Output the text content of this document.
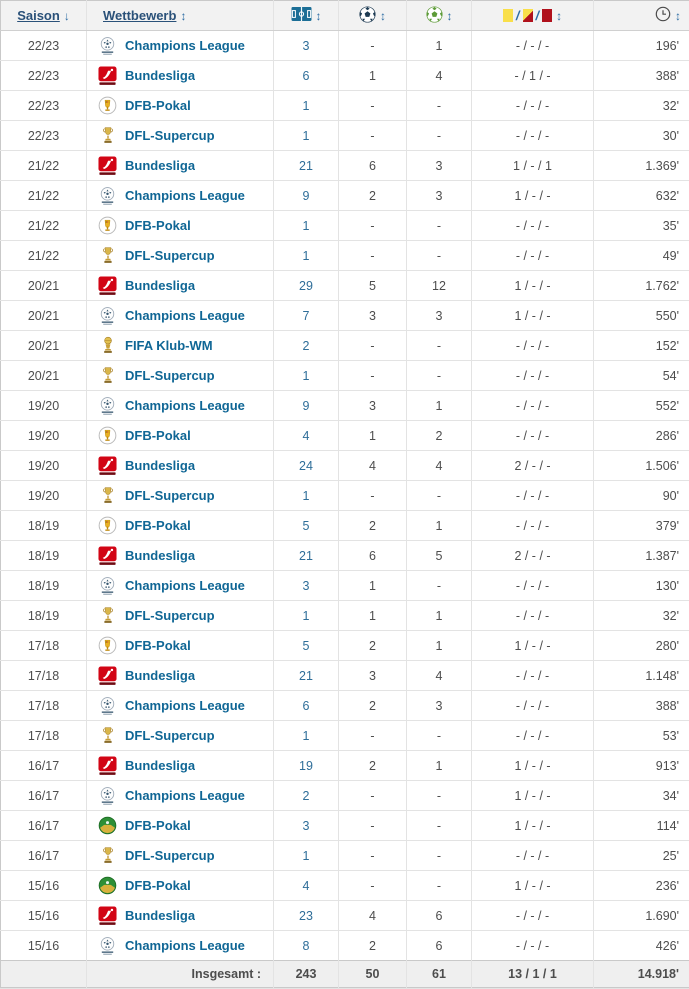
Saison ↓	Wettbewerb ↕	↕	↕	↕	/ / ↕	↕
22/23	Champions League	3	-	1	- / - / -	196'
22/23	Bundesliga	6	1	4	- / 1 / -	388'
22/23	DFB-Pokal	1	-	-	- / - / -	32'
22/23	DFL-Supercup	1	-	-	- / - / -	30'
21/22	Bundesliga	21	6	3	1 / - / 1	1.369'
21/22	Champions League	9	2	3	1 / - / -	632'
21/22	DFB-Pokal	1	-	-	- / - / -	35'
21/22	DFL-Supercup	1	-	-	- / - / -	49'
20/21	Bundesliga	29	5	12	1 / - / -	1.762'
20/21	Champions League	7	3	3	1 / - / -	550'
20/21	FIFA Klub-WM	2	-	-	- / - / -	152'
20/21	DFL-Supercup	1	-	-	- / - / -	54'
19/20	Champions League	9	3	1	- / - / -	552'
19/20	DFB-Pokal	4	1	2	- / - / -	286'
19/20	Bundesliga	24	4	4	2 / - / -	1.506'
19/20	DFL-Supercup	1	-	-	- / - / -	90'
18/19	DFB-Pokal	5	2	1	- / - / -	379'
18/19	Bundesliga	21	6	5	2 / - / -	1.387'
18/19	Champions League	3	1	-	- / - / -	130'
18/19	DFL-Supercup	1	1	1	- / - / -	32'
17/18	DFB-Pokal	5	2	1	1 / - / -	280'
17/18	Bundesliga	21	3	4	- / - / -	1.148'
17/18	Champions League	6	2	3	- / - / -	388'
17/18	DFL-Supercup	1	-	-	- / - / -	53'
16/17	Bundesliga	19	2	1	1 / - / -	913'
16/17	Champions League	2	-	-	1 / - / -	34'
16/17	DFB-Pokal	3	-	-	1 / - / -	114'
16/17	DFL-Supercup	1	-	-	- / - / -	25'
15/16	DFB-Pokal	4	-	-	1 / - / -	236'
15/16	Bundesliga	23	4	6	- / - / -	1.690'
15/16	Champions League	8	2	6	- / - / -	426'
	Insgesamt :	243	50	61	13 / 1 / 1	14.918'
